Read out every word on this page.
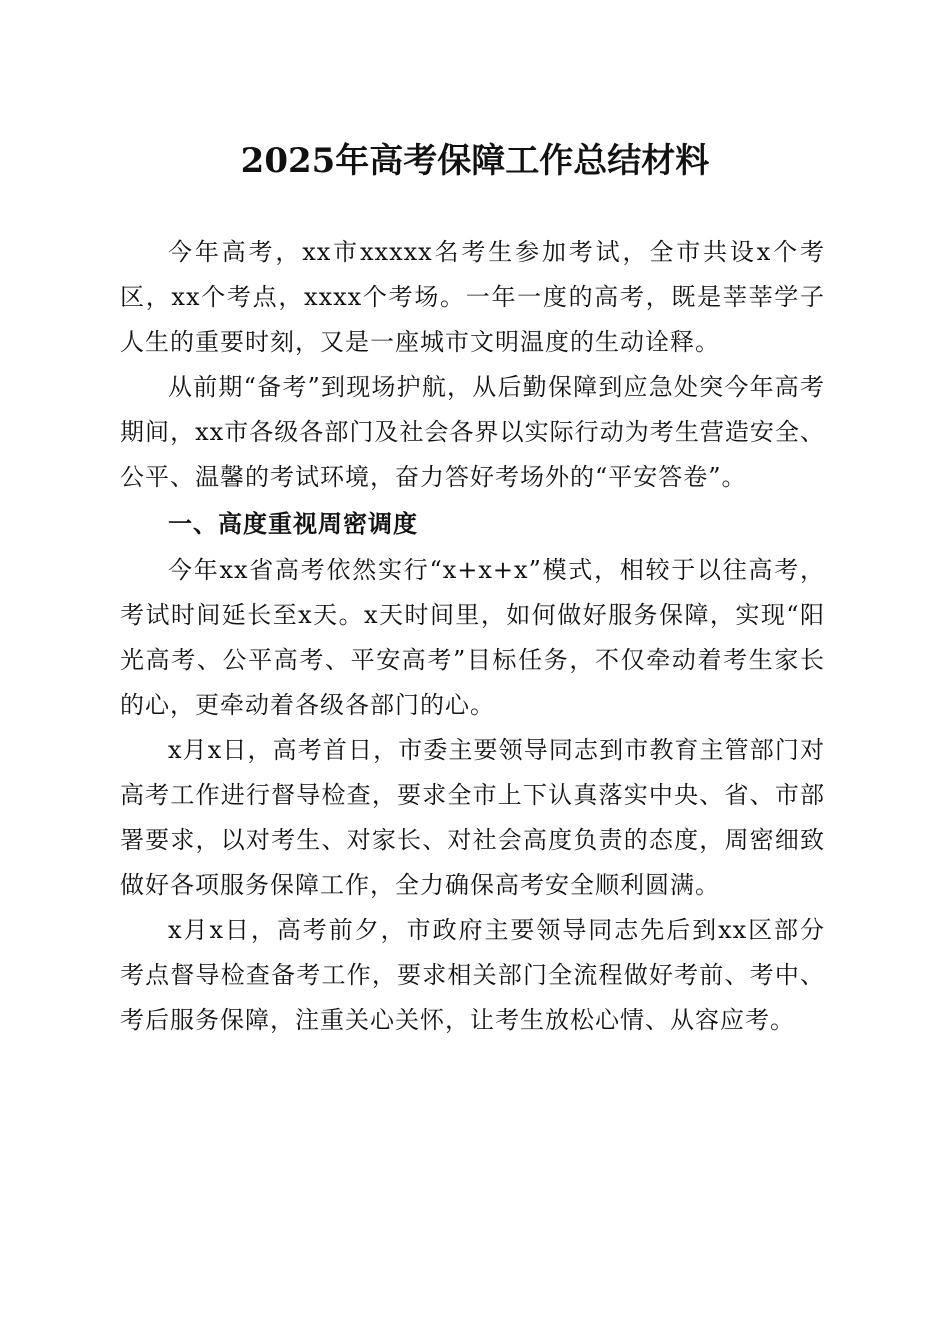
2025年高考保障工作总结材料

今年高考，xx市xxxxx名考生参加考试，全市共设x个考区，xx个考点，xxxx个考场。一年一度的高考，既是莘莘学子人生的重要时刻，又是一座城市文明温度的生动诠释。

从前期“备考”到现场护航，从后勤保障到应急处突今年高考期间，xx市各级各部门及社会各界以实际行动为考生营造安全、公平、温馨的考试环境，奋力答好考场外的“平安答卷”。

一、高度重视周密调度

今年xx省高考依然实行“x+x+x”模式，相较于以往高考，考试时间延长至x天。x天时间里，如何做好服务保障，实现“阳光高考、公平高考、平安高考”目标任务，不仅牵动着考生家长的心，更牵动着各级各部门的心。

x月x日，高考首日，市委主要领导同志到市教育主管部门对高考工作进行督导检查，要求全市上下认真落实中央、省、市部署要求，以对考生、对家长、对社会高度负责的态度，周密细致做好各项服务保障工作，全力确保高考安全顺利圆满。

x月x日，高考前夕，市政府主要领导同志先后到xx区部分考点督导检查备考工作，要求相关部门全流程做好考前、考中、考后服务保障，注重关心关怀，让考生放松心情、从容应考。
